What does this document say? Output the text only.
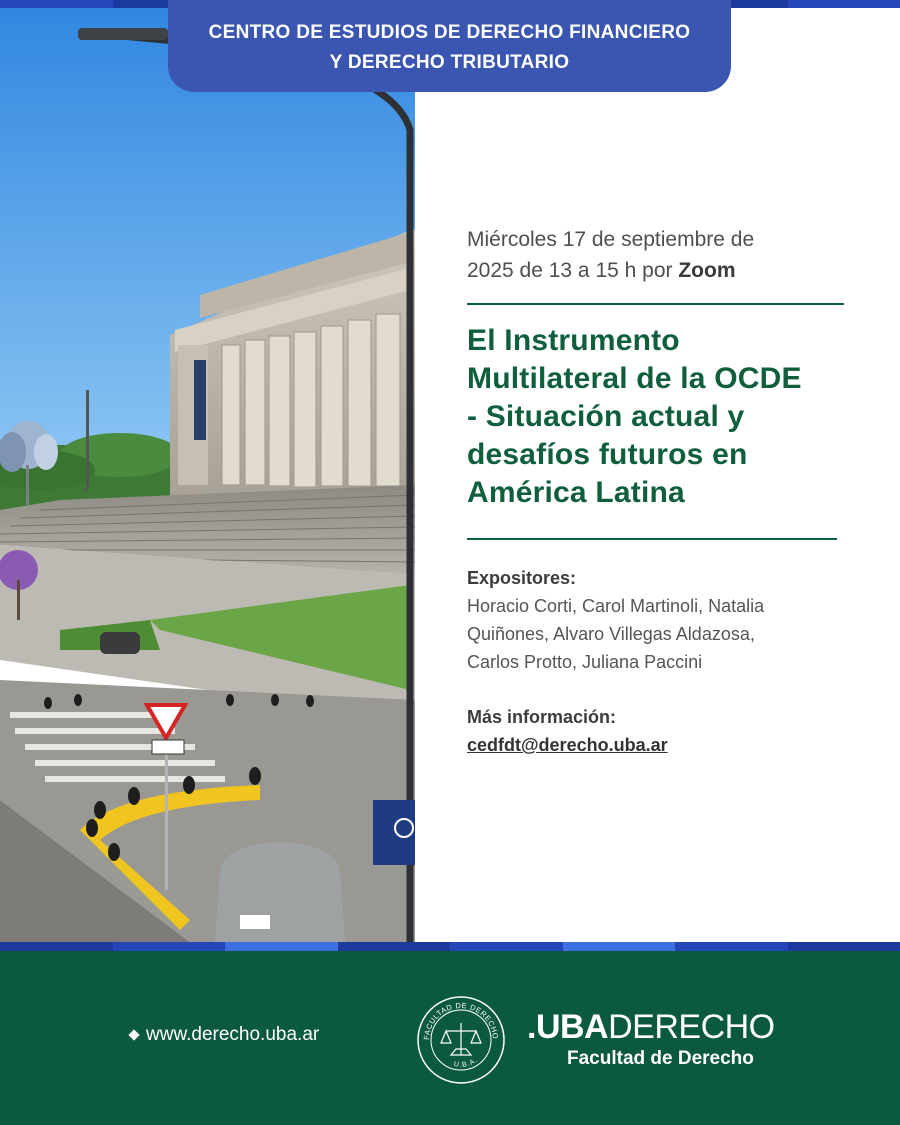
CENTRO DE ESTUDIOS DE DERECHO FINANCIERO
Y DERECHO TRIBUTARIO
Miércoles 17 de septiembre de
2025 de 13 a 15 h por Zoom
El Instrumento
Multilateral de la OCDE
- Situación actual y
desafíos futuros en
América Latina
Expositores:
Horacio Corti, Carol Martinoli, Natalia
Quiñones, Alvaro Villegas Aldazosa,
Carlos Protto, Juliana Paccini
Más información:
cedfdt@derecho.uba.ar
www.derecho.uba.ar	FACULTAD DE DERECHO
U.B.A.
.UBADERECHO
Facultad de Derecho
